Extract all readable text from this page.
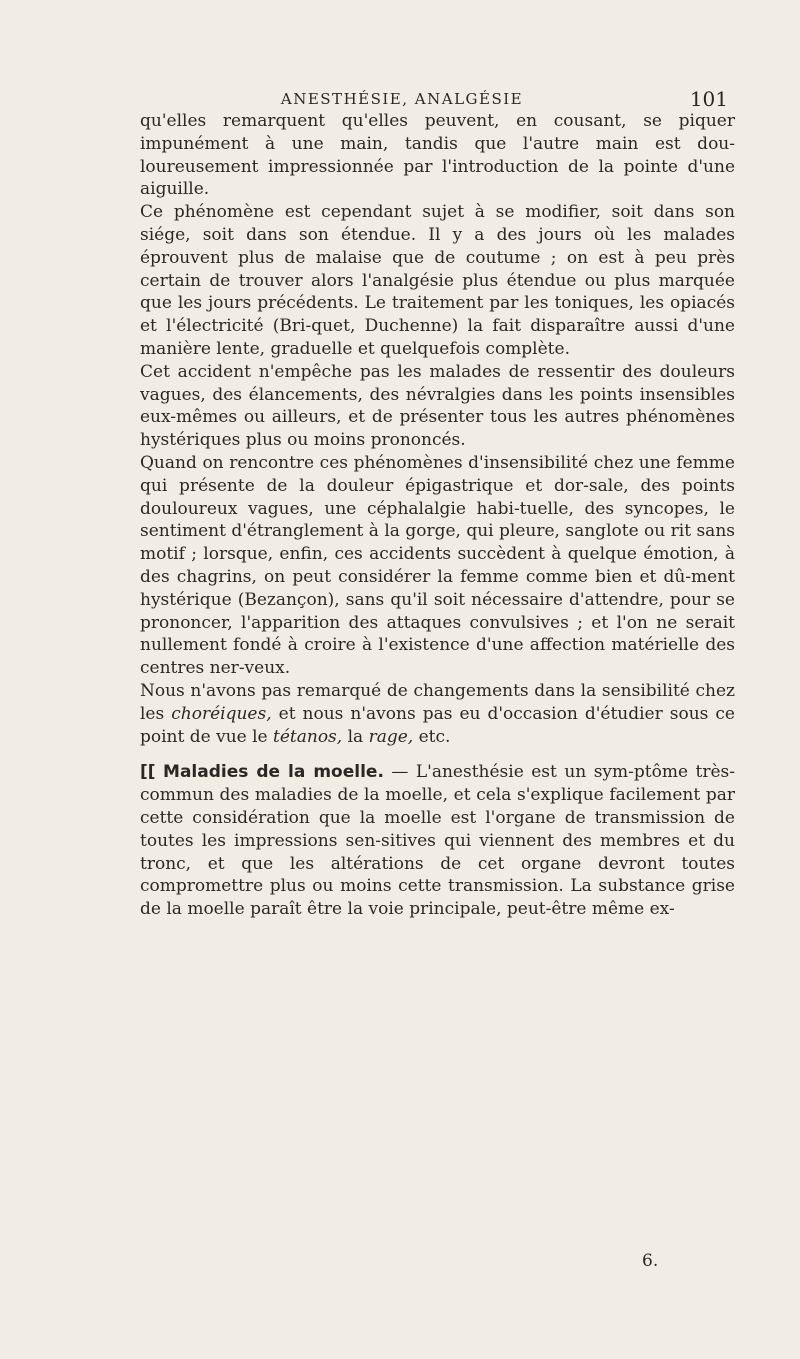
ANESTHÉSIE, ANALGÉSIE	101

qu'elles remarquent qu'elles peuvent, en cousant, se piquer impunément à une main, tandis que l'autre main est dou-loureusement impressionnée par l'introduction de la pointe d'une aiguille.

Ce phénomène est cependant sujet à se modifier, soit dans son siége, soit dans son étendue. Il y a des jours où les malades éprouvent plus de malaise que de coutume ; on est à peu près certain de trouver alors l'analgésie plus étendue ou plus marquée que les jours précédents. Le traitement par les toniques, les opiacés et l'électricité (Bri-quet, Duchenne) la fait disparaître aussi d'une manière lente, graduelle et quelquefois complète.

Cet accident n'empêche pas les malades de ressentir des douleurs vagues, des élancements, des névralgies dans les points insensibles eux-mêmes ou ailleurs, et de présenter tous les autres phénomènes hystériques plus ou moins prononcés.

Quand on rencontre ces phénomènes d'insensibilité chez une femme qui présente de la douleur épigastrique et dor-sale, des points douloureux vagues, une céphalalgie habi-tuelle, des syncopes, le sentiment d'étranglement à la gorge, qui pleure, sanglote ou rit sans motif ; lorsque, enfin, ces accidents succèdent à quelque émotion, à des chagrins, on peut considérer la femme comme bien et dû-ment hystérique (Bezançon), sans qu'il soit nécessaire d'attendre, pour se prononcer, l'apparition des attaques convulsives ; et l'on ne serait nullement fondé à croire à l'existence d'une affection matérielle des centres ner-veux.

Nous n'avons pas remarqué de changements dans la sensibilité chez les choréiques, et nous n'avons pas eu d'occasion d'étudier sous ce point de vue le tétanos, la rage, etc.

[[ Maladies de la moelle. — L'anesthésie est un sym-ptôme très-commun des maladies de la moelle, et cela s'explique facilement par cette considération que la moelle est l'organe de transmission de toutes les impressions sen-sitives qui viennent des membres et du tronc, et que les altérations de cet organe devront toutes compromettre plus ou moins cette transmission. La substance grise de la moelle paraît être la voie principale, peut-être même ex-

6.
